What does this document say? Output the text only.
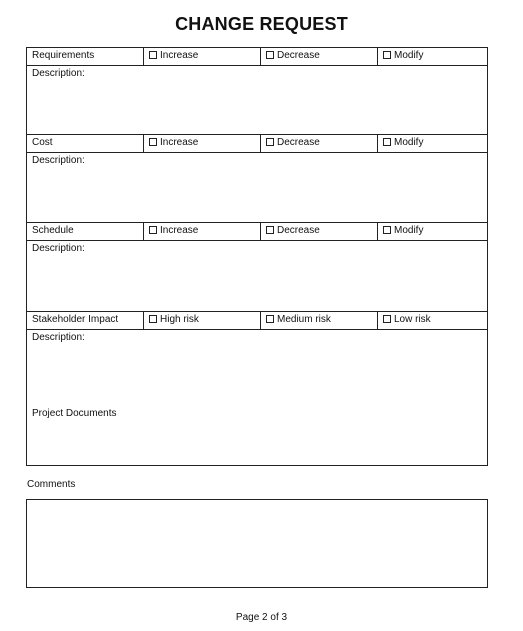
CHANGE REQUEST
Requirements	Increase	Decrease	Modify
Description:
Cost	Increase	Decrease	Modify
Description:
Schedule	Increase	Decrease	Modify
Description:
Stakeholder Impact	High risk	Medium risk	Low risk
Description:
Project Documents
Comments
Page 2 of 3
